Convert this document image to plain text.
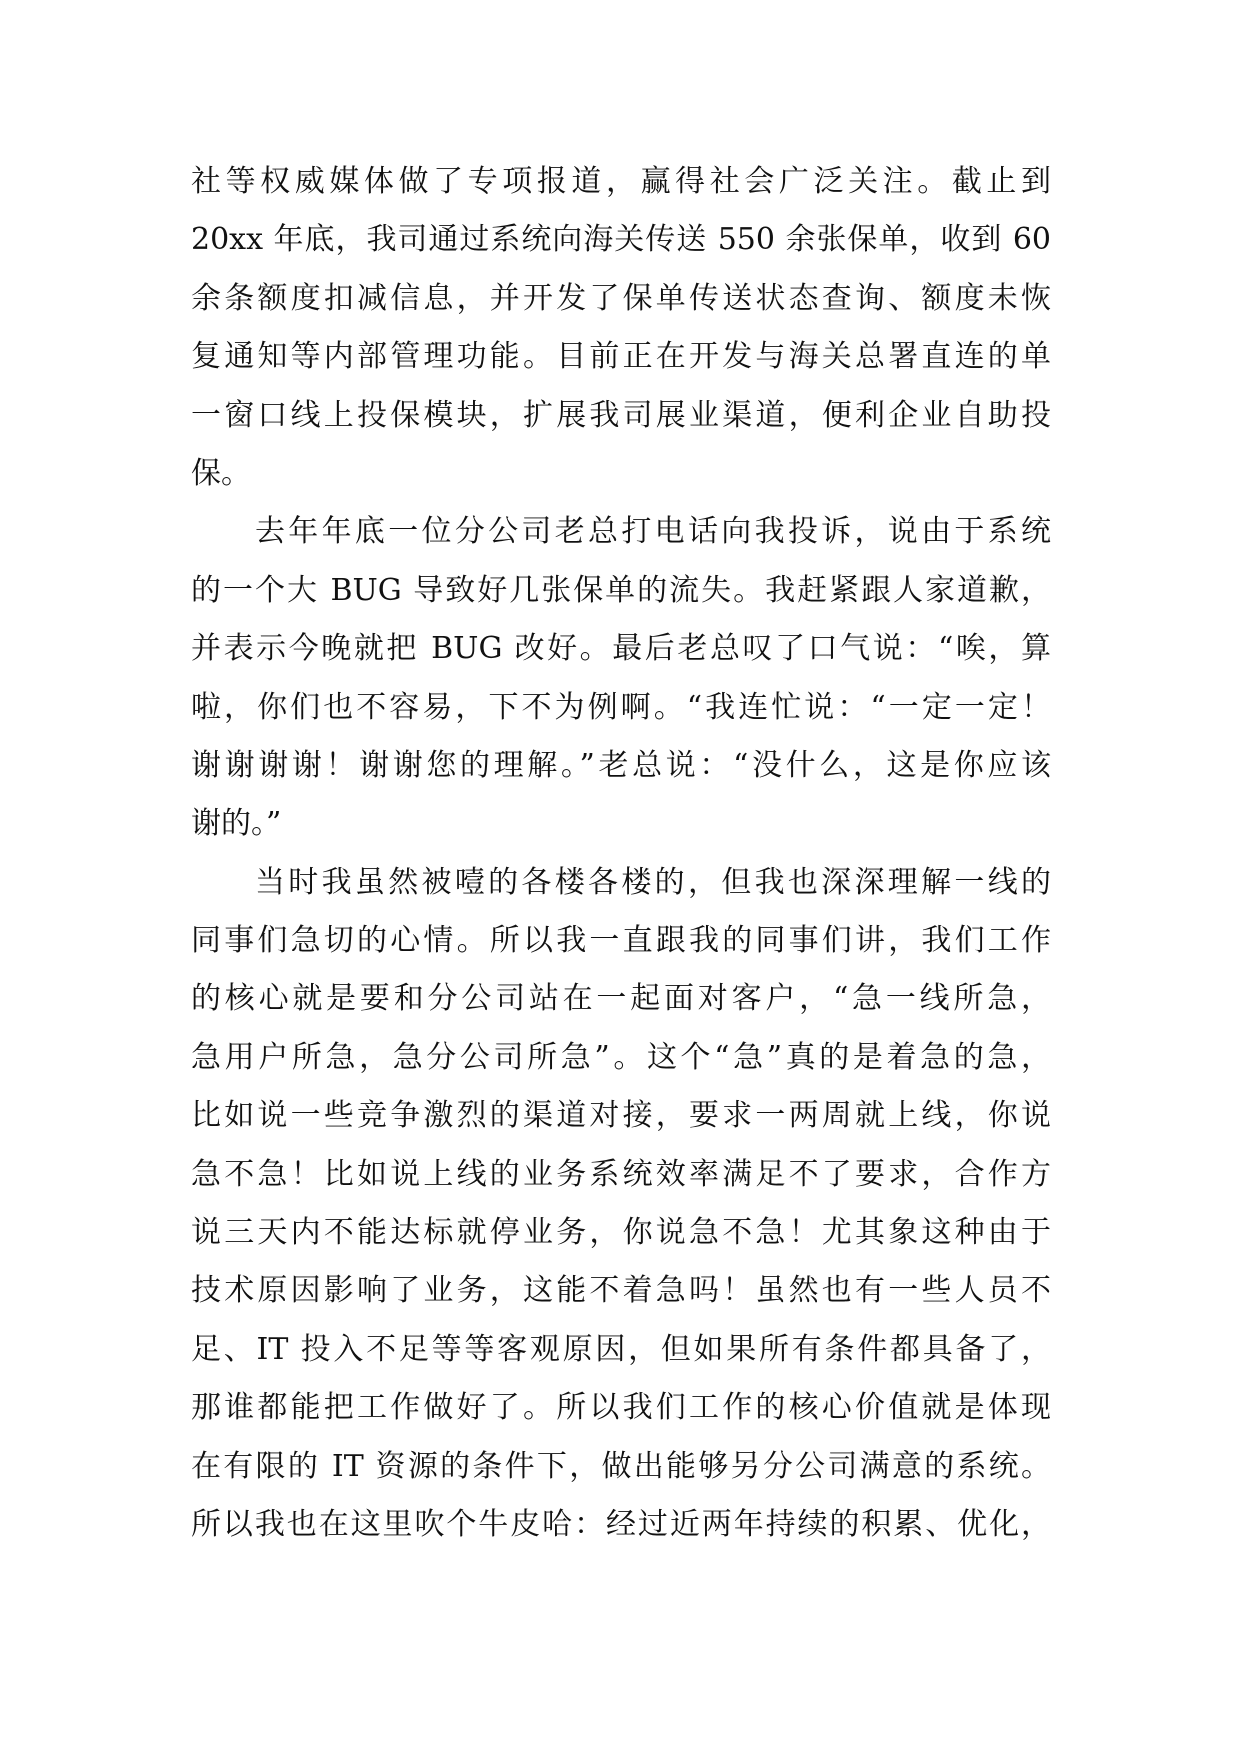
社等权威媒体做了专项报道，赢得社会广泛关注。截止到
20xx 年底，我司通过系统向海关传送 550 余张保单，收到 60
余条额度扣减信息，并开发了保单传送状态查询、额度未恢
复通知等内部管理功能。目前正在开发与海关总署直连的单
一窗口线上投保模块，扩展我司展业渠道，便利企业自助投
保。
去年年底一位分公司老总打电话向我投诉，说由于系统
的一个大 BUG 导致好几张保单的流失。我赶紧跟人家道歉，
并表示今晚就把 BUG 改好。最后老总叹了口气说：“唉，算
啦，你们也不容易，下不为例啊。“我连忙说：“一定一定！
谢谢谢谢！谢谢您的理解。”老总说：“没什么，这是你应该
谢的。”
当时我虽然被噎的各楼各楼的，但我也深深理解一线的
同事们急切的心情。所以我一直跟我的同事们讲，我们工作
的核心就是要和分公司站在一起面对客户，“急一线所急，
急用户所急，急分公司所急”。这个“急”真的是着急的急，
比如说一些竞争激烈的渠道对接，要求一两周就上线，你说
急不急！比如说上线的业务系统效率满足不了要求，合作方
说三天内不能达标就停业务，你说急不急！尤其象这种由于
技术原因影响了业务，这能不着急吗！虽然也有一些人员不
足、IT 投入不足等等客观原因，但如果所有条件都具备了，
那谁都能把工作做好了。所以我们工作的核心价值就是体现
在有限的 IT 资源的条件下，做出能够另分公司满意的系统。
所以我也在这里吹个牛皮哈：经过近两年持续的积累、优化，
